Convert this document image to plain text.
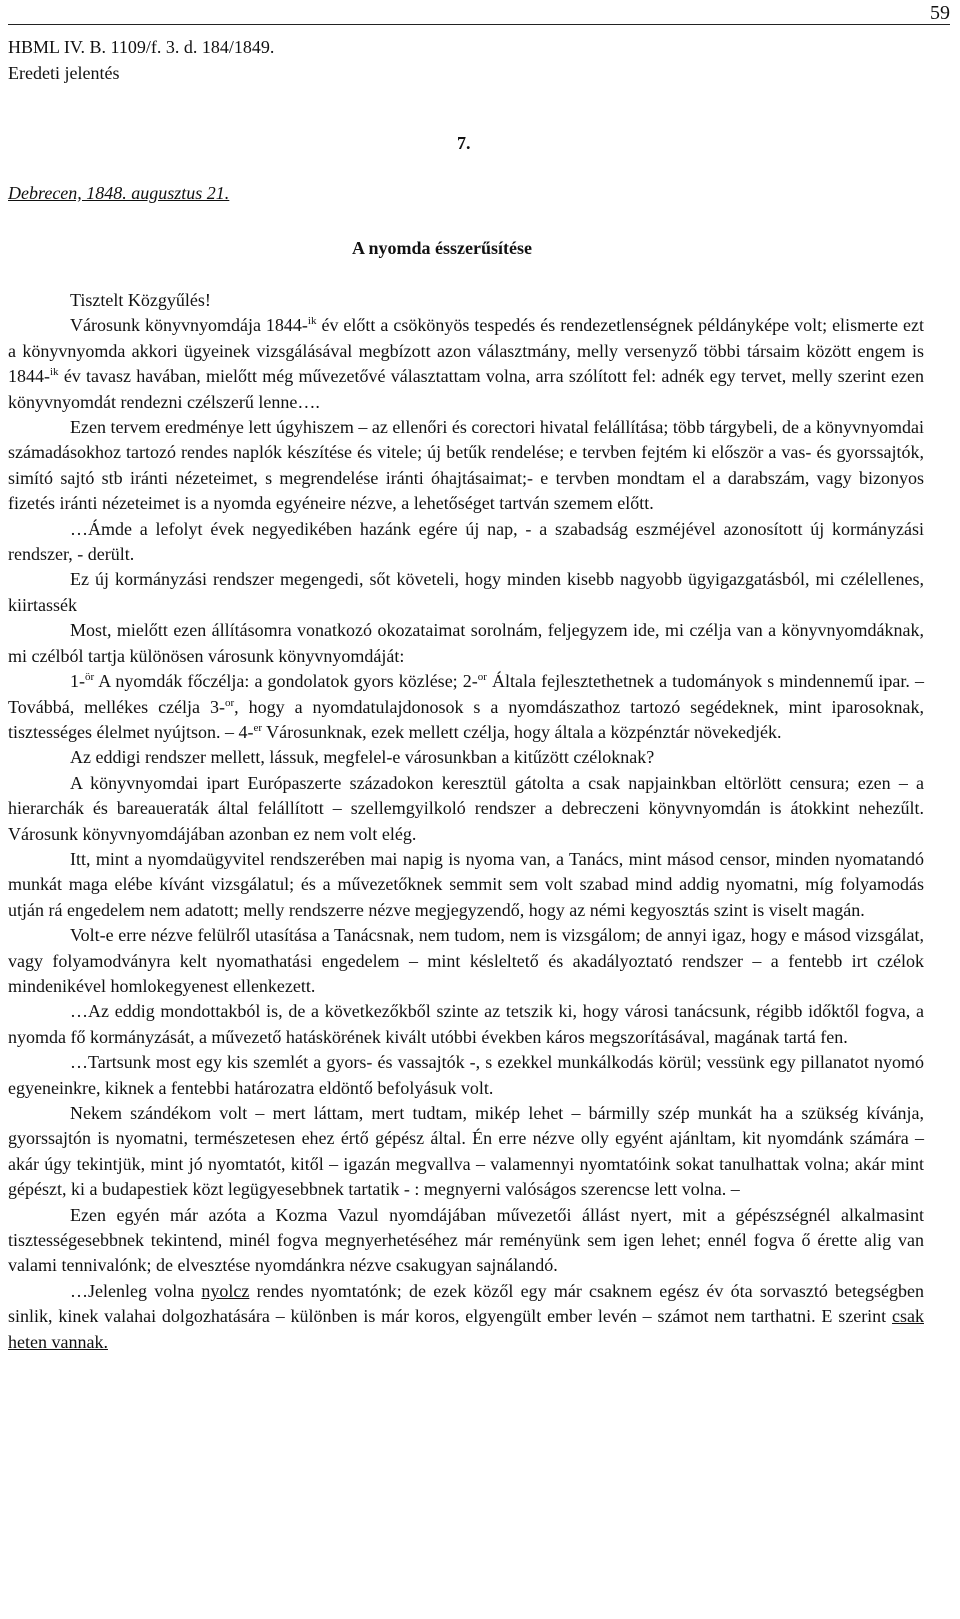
59
HBML IV. B. 1109/f. 3. d. 184/1849.
Eredeti jelentés
7.
Debrecen, 1848. augusztus 21.
A nyomda ésszerűsítése

Tisztelt Közgyűlés!

Városunk könyvnyomdája 1844-$^{ik}$ év előtt a csökönyös tespedés és rendezetlenségnek példányképe volt; elismerte ezt a könyvnyomda akkori ügyeinek vizsgálásával megbízott azon választmány, melly versenyző többi társaim között engem is 1844-$^{ik}$ év tavasz havában, mielőtt még művezetővé választattam volna, arra szólított fel: adnék egy tervet, melly szerint ezen könyvnyomdát rendezni czélszerű lenne….

Ezen tervem eredménye lett úgyhiszem – az ellenőri és corectori hivatal felállítása; több tárgybeli, de a könyvnyomdai számadásokhoz tartozó rendes naplók készítése és vitele; új betűk rendelése; e tervben fejtém ki először a vas- és gyorssajtók, simító sajtó stb iránti nézeteimet, s megrendelése iránti óhajtásaimat;- e tervben mondtam el a darabszám, vagy bizonyos fizetés iránti nézeteimet is a nyomda egyéneire nézve, a lehetőséget tartván szemem előtt.

…Ámde a lefolyt évek negyedikében hazánk egére új nap, - a szabadság eszméjével azonosított új kormányzási rendszer, - derült.

Ez új kormányzási rendszer megengedi, sőt követeli, hogy minden kisebb nagyobb ügyigazgatásból, mi czélellenes, kiirtassék

Most, mielőtt ezen állításomra vonatkozó okozataimat sorolnám, feljegyzem ide, mi czélja van a könyvnyomdáknak, mi czélból tartja különösen városunk könyvnyomdáját:

1-$^{ör}$ A nyomdák főczélja: a gondolatok gyors közlése; 2-$^{or}$ Általa fejlesztethetnek a tudományok s mindennemű ipar. – Továbbá, mellékes czélja 3-$^{or}$, hogy a nyomdatulajdonosok s a nyomdászathoz tartozó segédeknek, mint iparosoknak, tisztességes élelmet nyújtson. – 4-$^{er}$ Városunknak, ezek mellett czélja, hogy általa a közpénztár növekedjék.

Az eddigi rendszer mellett, lássuk, megfelel-e városunkban a kitűzött czéloknak?

A könyvnyomdai ipart Európaszerte századokon keresztül gátolta a csak napjainkban eltörlött censura; ezen – a hierarchák és bareauerаták által felállított – szellemgyilkoló rendszer a debreczeni könyvnyomdán is átokkint nehezűlt. Városunk könyvnyomdájában azonban ez nem volt elég.

Itt, mint a nyomdaügyvitel rendszerében mai napig is nyoma van, a Tanács, mint másod censor, minden nyomatandó munkát maga elébe kívánt vizsgálatul; és a művezetőknek semmit sem volt szabad mind addig nyomatni, míg folyamodás utján rá engedelem nem adatott; melly rendszerre nézve megjegyzendő, hogy az némi kegyosztás szint is viselt magán.

Volt-e erre nézve felülről utasítása a Tanácsnak, nem tudom, nem is vizsgálom; de annyi igaz, hogy e másod vizsgálat, vagy folyamodványra kelt nyomathatási engedelem – mint késleltető és akadályoztató rendszer – a fentebb irt czélok mindenikével homlokegyenest ellenkezett.

…Az eddig mondottakból is, de a következőkből szinte az tetszik ki, hogy városi tanácsunk, régibb időktől fogva, a nyomda fő kormányzását, a művezető hatáskörének kivált utóbbi években káros megszorításával, magának tartá fen.

…Tartsunk most egy kis szemlét a gyors- és vassajtók -, s ezekkel munkálkodás körül; vessünk egy pillanatot nyomó egyeneinkre, kiknek a fentebbi határozatra eldöntő befolyásuk volt.

Nekem szándékom volt – mert láttam, mert tudtam, mikép lehet – bármilly szép munkát ha a szükség kívánja, gyorssajtón is nyomatni, természetesen ehez értő gépész által. Én erre nézve olly egyént ajánltam, kit nyomdánk számára – akár úgy tekintjük, mint jó nyomtatót, kitől – igazán megvallva – valamennyi nyomtatóink sokat tanulhattak volna; akár mint gépészt, ki a budapestiek közt legügyesebbnek tartatik - : megnyerni valóságos szerencse lett volna. –

Ezen egyén már azóta a Kozma Vazul nyomdájában művezetői állást nyert, mit a gépészségnél alkalmasint tisztességesebbnek tekintend, minél fogva megnyerhetéséhez már reményünk sem igen lehet; ennél fogva ő érette alig van valami tennivalónk; de elvesztése nyomdánkra nézve csakugyan sajnálandó.

…Jelenleg volna nyolcz rendes nyomtatónk; de ezek közől egy már csaknem egész év óta sorvasztó betegségben sinlik, kinek valahai dolgozhatására – különben is már koros, elgyengült ember levén – számot nem tarthatni. E szerint csak heten vannak.
